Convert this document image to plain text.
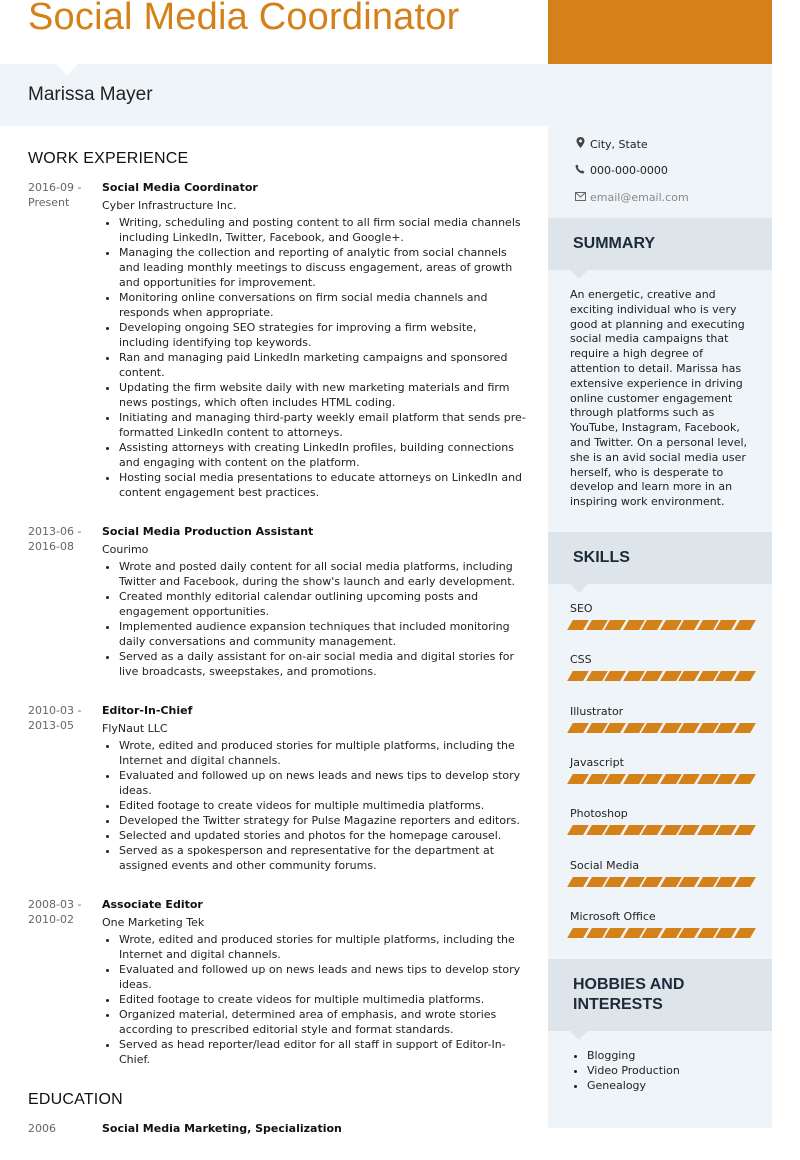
Social Media Coordinator
Marissa Mayer
WORK EXPERIENCE
2016-09 -
Present
Social Media Coordinator
Cyber Infrastructure Inc.
• Writing, scheduling and posting content to all firm social media channels including LinkedIn, Twitter, Facebook, and Google+.
• Managing the collection and reporting of analytic from social channels and leading monthly meetings to discuss engagement, areas of growth and opportunities for improvement.
• Monitoring online conversations on firm social media channels and responds when appropriate.
• Developing ongoing SEO strategies for improving a firm website, including identifying top keywords.
• Ran and managing paid LinkedIn marketing campaigns and sponsored content.
• Updating the firm website daily with new marketing materials and firm news postings, which often includes HTML coding.
• Initiating and managing third-party weekly email platform that sends pre-formatted LinkedIn content to attorneys.
• Assisting attorneys with creating LinkedIn profiles, building connections and engaging with content on the platform.
• Hosting social media presentations to educate attorneys on LinkedIn and content engagement best practices.
2013-06 -
2016-08
Social Media Production Assistant
Courimo
• Wrote and posted daily content for all social media platforms, including Twitter and Facebook, during the show's launch and early development.
• Created monthly editorial calendar outlining upcoming posts and engagement opportunities.
• Implemented audience expansion techniques that included monitoring daily conversations and community management.
• Served as a daily assistant for on-air social media and digital stories for live broadcasts, sweepstakes, and promotions.
2010-03 -
2013-05
Editor-In-Chief
FlyNaut LLC
• Wrote, edited and produced stories for multiple platforms, including the Internet and digital channels.
• Evaluated and followed up on news leads and news tips to develop story ideas.
• Edited footage to create videos for multiple multimedia platforms.
• Developed the Twitter strategy for Pulse Magazine reporters and editors.
• Selected and updated stories and photos for the homepage carousel.
• Served as a spokesperson and representative for the department at assigned events and other community forums.
2008-03 -
2010-02
Associate Editor
One Marketing Tek
• Wrote, edited and produced stories for multiple platforms, including the Internet and digital channels.
• Evaluated and followed up on news leads and news tips to develop story ideas.
• Edited footage to create videos for multiple multimedia platforms.
• Organized material, determined area of emphasis, and wrote stories according to prescribed editorial style and format standards.
• Served as head reporter/lead editor for all staff in support of Editor-In-Chief.
EDUCATION
2006	Social Media Marketing, Specialization
City, State
000-000-0000
email@email.com
SUMMARY
An energetic, creative and exciting individual who is very good at planning and executing social media campaigns that require a high degree of attention to detail. Marissa has extensive experience in driving online customer engagement through platforms such as YouTube, Instagram, Facebook, and Twitter. On a personal level, she is an avid social media user herself, who is desperate to develop and learn more in an inspiring work environment.
SKILLS
SEO
CSS
Illustrator
Javascript
Photoshop
Social Media
Microsoft Office
HOBBIES AND INTERESTS
• Blogging
• Video Production
• Genealogy
